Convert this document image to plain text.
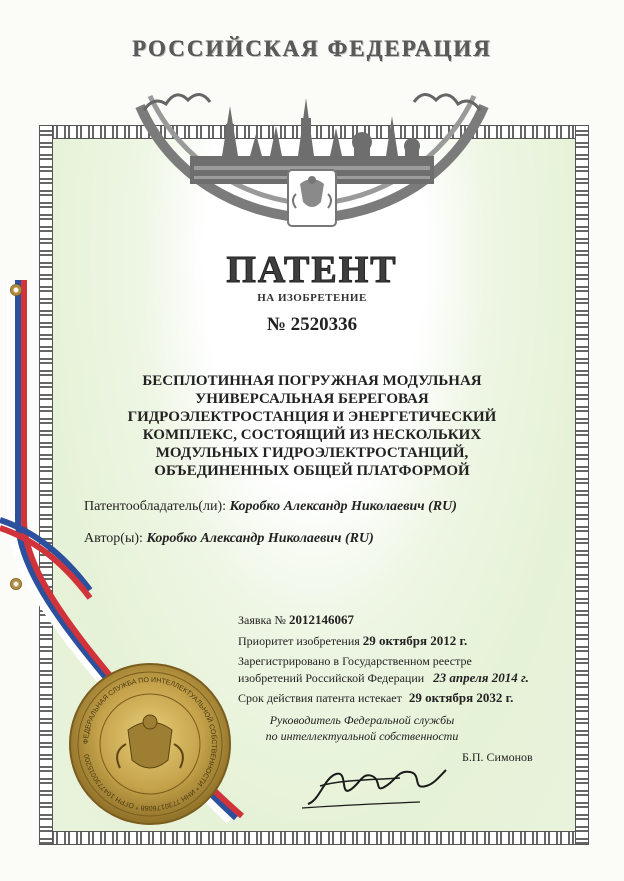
РОССИЙСКАЯ ФЕДЕРАЦИЯ
ПАТЕНТ
НА ИЗОБРЕТЕНИЕ
№ 2520336
БЕСПЛОТИННАЯ ПОГРУЖНАЯ МОДУЛЬНАЯ
УНИВЕРСАЛЬНАЯ БЕРЕГОВАЯ
ГИДРОЭЛЕКТРОСТАНЦИЯ И ЭНЕРГЕТИЧЕСКИЙ
КОМПЛЕКС, СОСТОЯЩИЙ ИЗ НЕСКОЛЬКИХ
МОДУЛЬНЫХ ГИДРОЭЛЕКТРОСТАНЦИЙ,
ОБЪЕДИНЕННЫХ ОБЩЕЙ ПЛАТФОРМОЙ
Патентообладатель(ли): Коробко Александр Николаевич (RU)
Автор(ы): Коробко Александр Николаевич (RU)
Заявка № 2012146067
Приоритет изобретения 29 октября 2012 г.
Зарегистрировано в Государственном реестре
изобретений Российской Федерации 23 апреля 2014 г.
Срок действия патента истекает 29 октября 2032 г.
Руководитель Федеральной службы
по интеллектуальной собственности
Б.П. Симонов
ФЕДЕРАЛЬНАЯ СЛУЖБА ПО ИНТЕЛЛЕКТУАЛЬНОЙ СОБСТВЕННОСТИ * ИНН 7730176088 * ОГРН 1047730015200
